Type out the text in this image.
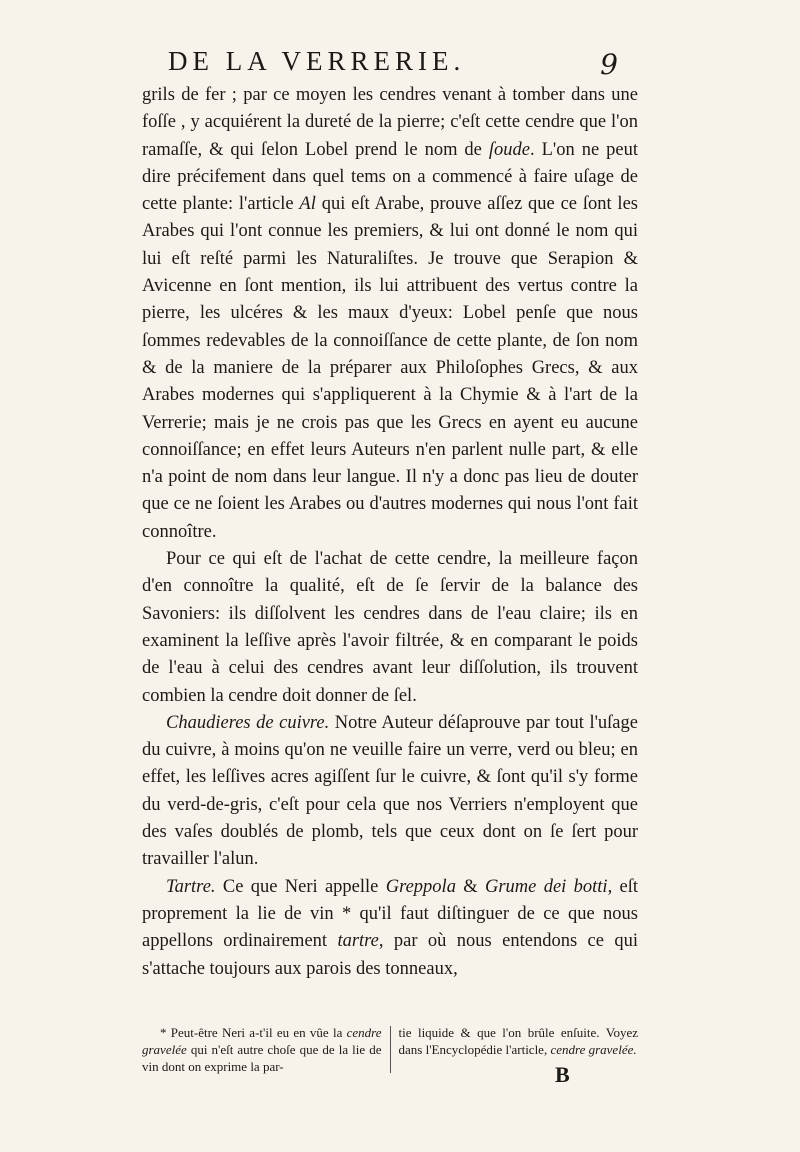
DE LA VERRERIE.	9

grils de fer ; par ce moyen les cendres venant à tomber dans une foſſe , y acquiérent la dureté de la pierre; c'eſt cette cendre que l'on ramaſſe, & qui ſelon Lobel prend le nom de ſoude. L'on ne peut dire précifement dans quel tems on a commencé à faire uſage de cette plante: l'article Al qui eſt Arabe, prouve aſſez que ce ſont les Arabes qui l'ont connue les premiers, & lui ont donné le nom qui lui eſt reſté parmi les Naturaliſtes. Je trouve que Serapion & Avicenne en ſont mention, ils lui attribuent des vertus contre la pierre, les ulcéres & les maux d'yeux: Lobel penſe que nous ſommes redevables de la connoiſſance de cette plante, de ſon nom & de la maniere de la préparer aux Philoſophes Grecs, & aux Arabes modernes qui s'appliquerent à la Chymie & à l'art de la Verrerie; mais je ne crois pas que les Grecs en ayent eu aucune connoiſſance; en effet leurs Auteurs n'en parlent nulle part, & elle n'a point de nom dans leur langue. Il n'y a donc pas lieu de douter que ce ne ſoient les Arabes ou d'autres modernes qui nous l'ont fait connoître.

Pour ce qui eſt de l'achat de cette cendre, la meilleure façon d'en connoître la qualité, eſt de ſe ſervir de la balance des Savoniers: ils diſſolvent les cendres dans de l'eau claire; ils en examinent la leſſive après l'avoir filtrée, & en comparant le poids de l'eau à celui des cendres avant leur diſſolution, ils trouvent combien la cendre doit donner de ſel.

Chaudieres de cuivre. Notre Auteur déſaprouve par tout l'uſage du cuivre, à moins qu'on ne veuille faire un verre, verd ou bleu; en effet, les leſſives acres agiſſent ſur le cuivre, & ſont qu'il s'y forme du verd-de-gris, c'eſt pour cela que nos Verriers n'employent que des vaſes doublés de plomb, tels que ceux dont on ſe ſert pour travailler l'alun.

Tartre. Ce que Neri appelle Greppola & Grume dei botti, eſt proprement la lie de vin * qu'il faut diſtinguer de ce que nous appellons ordinairement tartre, par où nous entendons ce qui s'attache toujours aux parois des tonneaux,

* Peut-être Neri a-t'il eu en vûe la cendre gravelée qui n'eſt autre choſe que de la lie de vin dont on exprime la par-
tie liquide & que l'on brûle enſuite. Voyez dans l'Encyclopédie l'article, cendre gravelée.
B
